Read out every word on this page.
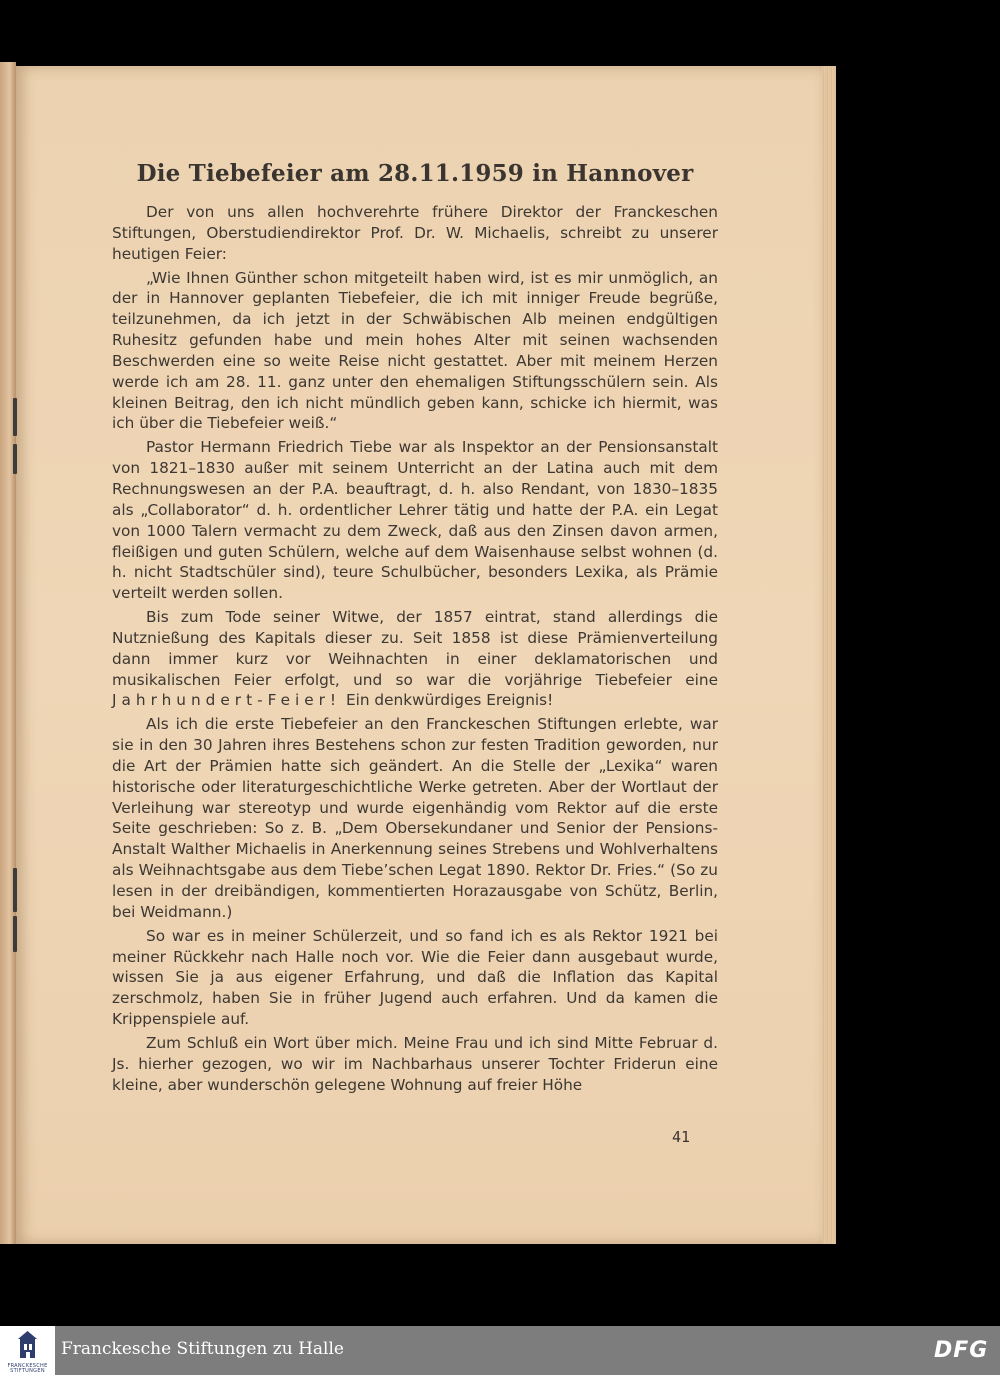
Die Tiebefeier am 28.11.1959 in Hannover

Der von uns allen hochverehrte frühere Direktor der Franckeschen Stiftungen, Oberstudiendirektor Prof. Dr. W. Michaelis, schreibt zu unserer heutigen Feier:

„Wie Ihnen Günther schon mitgeteilt haben wird, ist es mir unmöglich, an der in Hannover geplanten Tiebefeier, die ich mit inniger Freude begrüße, teilzunehmen, da ich jetzt in der Schwäbischen Alb meinen endgültigen Ruhesitz gefunden habe und mein hohes Alter mit seinen wachsenden Beschwerden eine so weite Reise nicht gestattet. Aber mit meinem Herzen werde ich am 28. 11. ganz unter den ehemaligen Stiftungsschülern sein. Als kleinen Beitrag, den ich nicht mündlich geben kann, schicke ich hiermit, was ich über die Tiebefeier weiß.“

Pastor Hermann Friedrich Tiebe war als Inspektor an der Pensionsanstalt von 1821–1830 außer mit seinem Unterricht an der Latina auch mit dem Rechnungswesen an der P.A. beauftragt, d. h. also Rendant, von 1830–1835 als „Collaborator“ d. h. ordentlicher Lehrer tätig und hatte der P.A. ein Legat von 1000 Talern vermacht zu dem Zweck, daß aus den Zinsen davon armen, fleißigen und guten Schülern, welche auf dem Waisenhause selbst wohnen (d. h. nicht Stadtschüler sind), teure Schulbücher, besonders Lexika, als Prämie verteilt werden sollen.

Bis zum Tode seiner Witwe, der 1857 eintrat, stand allerdings die Nutznießung des Kapitals dieser zu. Seit 1858 ist diese Prämienverteilung dann immer kurz vor Weihnachten in einer deklamatorischen und musikalischen Feier erfolgt, und so war die vorjährige Tiebefeier eine Jahrhundert-Feier! Ein denkwürdiges Ereignis!

Als ich die erste Tiebefeier an den Franckeschen Stiftungen erlebte, war sie in den 30 Jahren ihres Bestehens schon zur festen Tradition geworden, nur die Art der Prämien hatte sich geändert. An die Stelle der „Lexika“ waren historische oder literaturgeschichtliche Werke getreten. Aber der Wortlaut der Verleihung war stereotyp und wurde eigenhändig vom Rektor auf die erste Seite geschrieben: So z. B. „Dem Obersekundaner und Senior der Pensions-Anstalt Walther Michaelis in Anerkennung seines Strebens und Wohlverhaltens als Weihnachtsgabe aus dem Tiebe’schen Legat 1890. Rektor Dr. Fries.“ (So zu lesen in der dreibändigen, kommentierten Horazausgabe von Schütz, Berlin, bei Weidmann.)

So war es in meiner Schülerzeit, und so fand ich es als Rektor 1921 bei meiner Rückkehr nach Halle noch vor. Wie die Feier dann ausgebaut wurde, wissen Sie ja aus eigener Erfahrung, und daß die Inflation das Kapital zerschmolz, haben Sie in früher Jugend auch erfahren. Und da kamen die Krippenspiele auf.

Zum Schluß ein Wort über mich. Meine Frau und ich sind Mitte Februar d. Js. hierher gezogen, wo wir im Nachbarhaus unserer Tochter Friderun eine kleine, aber wunderschön gelegene Wohnung auf freier Höhe

41
FRANCKESCHE
STIFTUNGEN
Franckesche Stiftungen zu Halle	DFG
